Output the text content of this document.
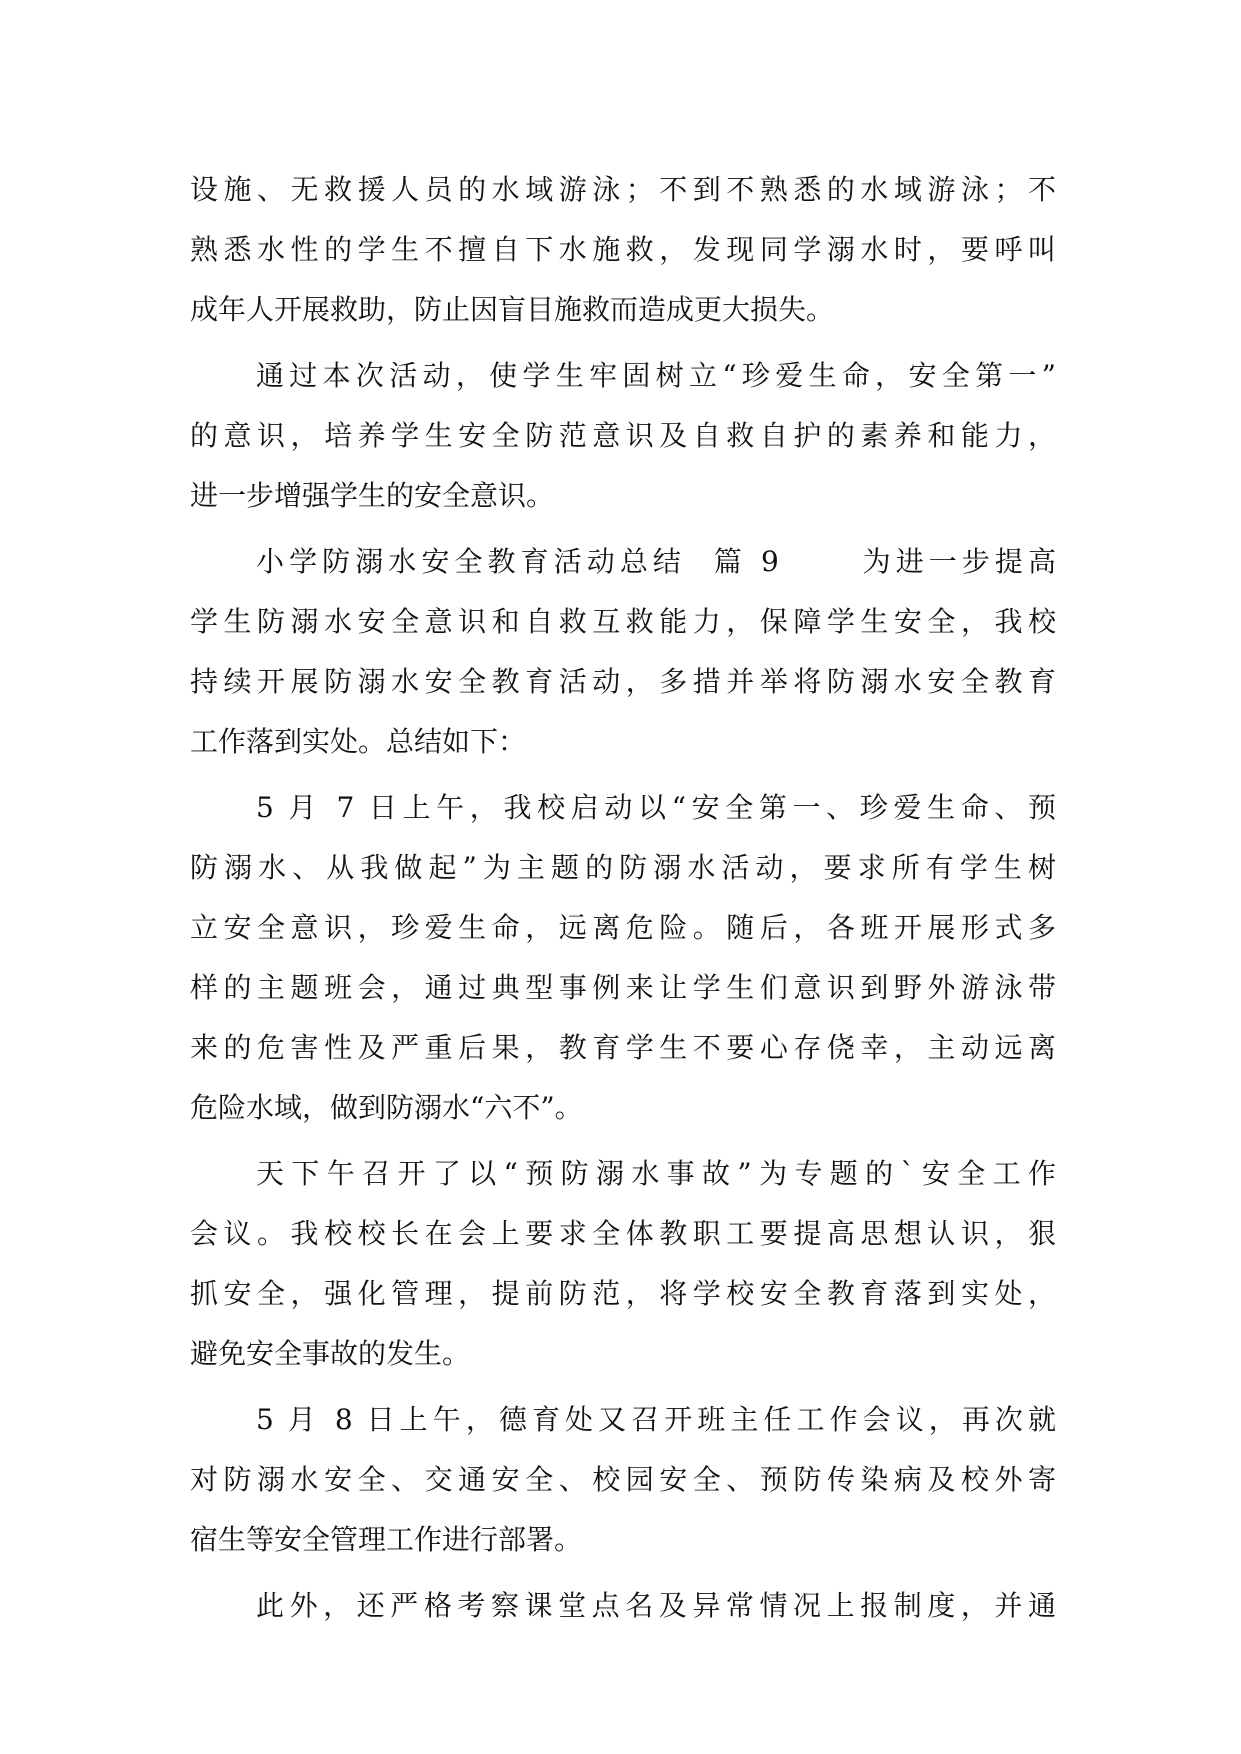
设施、无救援人员的水域游泳；不到不熟悉的水域游泳；不
熟悉水性的学生不擅自下水施救，发现同学溺水时，要呼叫
成年人开展救助，防止因盲目施救而造成更大损失。
通过本次活动，使学生牢固树立“珍爱生命，安全第一”
的意识，培养学生安全防范意识及自救自护的素养和能力，
进一步增强学生的安全意识。
小学防溺水安全教育活动总结  篇 9      为进一步提高
学生防溺水安全意识和自救互救能力，保障学生安全，我校
持续开展防溺水安全教育活动，多措并举将防溺水安全教育
工作落到实处。总结如下：
5 月 7 日上午，我校启动以“安全第一、珍爱生命、预
防溺水、从我做起”为主题的防溺水活动，要求所有学生树
立安全意识，珍爱生命，远离危险。随后，各班开展形式多
样的主题班会，通过典型事例来让学生们意识到野外游泳带
来的危害性及严重后果，教育学生不要心存侥幸，主动远离
危险水域，做到防溺水“六不”。
天下午召开了以“预防溺水事故”为专题的`安全工作
会议。我校校长在会上要求全体教职工要提高思想认识，狠
抓安全，强化管理，提前防范，将学校安全教育落到实处，
避免安全事故的发生。
5 月 8 日上午，德育处又召开班主任工作会议，再次就
对防溺水安全、交通安全、校园安全、预防传染病及校外寄
宿生等安全管理工作进行部署。
此外，还严格考察课堂点名及异常情况上报制度，并通
